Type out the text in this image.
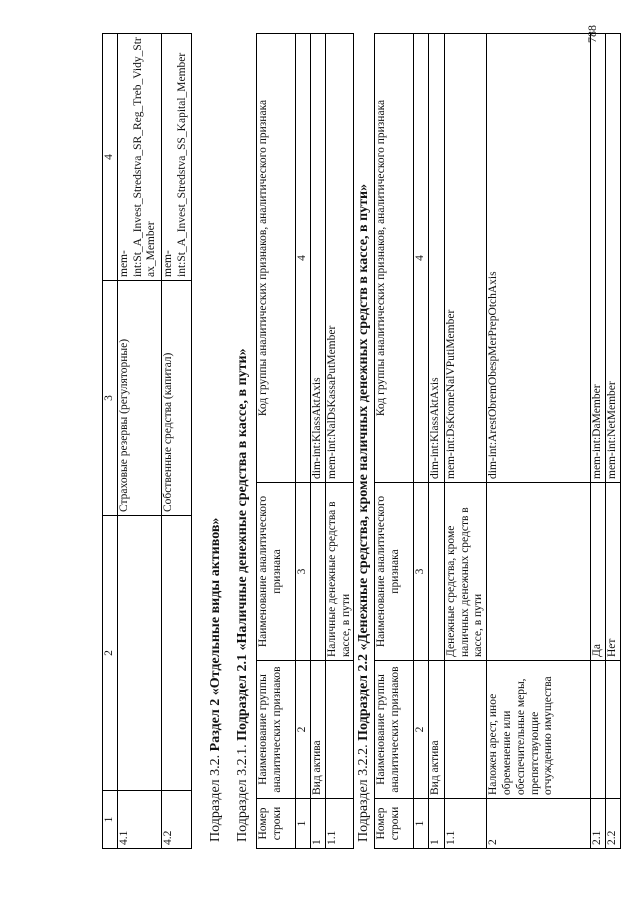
1	2	3	4
4.1		Страховые резервы (регуляторные)	mem-int:St_A_Invest_Stredstva_SR_Reg_Treb_Vidy_Strax_Member
4.2		Собственные средства (капитал)	mem-int:St_A_Invest_Stredstva_SS_Kapital_Member
Подраздел 3.2. Раздел 2 «Отдельные виды активов»
Подраздел 3.2.1. Подраздел 2.1 «Наличные денежные средства в кассе, в пути»
Номер строки	Наименование группы аналитических признаков	Наименование аналитического признака	Код группы аналитических признаков, аналитического признака
1	2	3	4
1	Вид актива		dim-int:KlassAktAxis
1.1		Наличные денежные средства в кассе, в пути	mem-int:NalDsKassaPutMember
Подраздел 3.2.2. Подраздел 2.2 «Денежные средства, кроме наличных денежных средств в кассе, в пути»
Номер строки	Наименование группы аналитических признаков	Наименование аналитического признака	Код группы аналитических признаков, аналитического признака
1	2	3	4
1	Вид актива		dim-int:KlassAktAxis
1.1		Денежные средства, кроме наличных денежных средств в кассе, в пути	mem-int:DsKromeNalVPutiMember
2	Наложен арест, иное обременение или обеспечительные меры, препятствующие отчуждению имущества		dim-int:ArestObremObespMerPrepOtchAxis
2.1		Да	mem-int:DaMember
2.2		Нет	mem-int:NetMember
788
